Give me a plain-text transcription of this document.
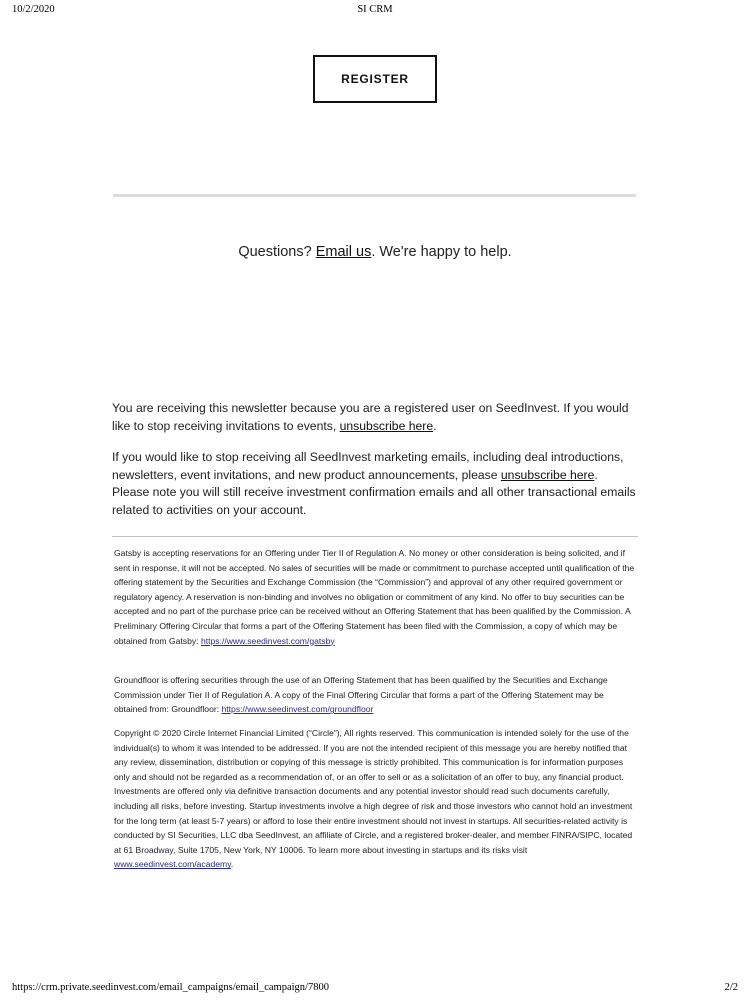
10/2/2020	SI CRM
REGISTER
Questions? Email us. We're happy to help.
You are receiving this newsletter because you are a registered user on SeedInvest. If you would like to stop receiving invitations to events, unsubscribe here.
If you would like to stop receiving all SeedInvest marketing emails, including deal introductions, newsletters, event invitations, and new product announcements, please unsubscribe here. Please note you will still receive investment confirmation emails and all other transactional emails related to activities on your account.
Gatsby is accepting reservations for an Offering under Tier II of Regulation A. No money or other consideration is being solicited, and if sent in response, it will not be accepted. No sales of securities will be made or commitment to purchase accepted until qualification of the offering statement by the Securities and Exchange Commission (the “Commission”) and approval of any other required government or regulatory agency. A reservation is non-binding and involves no obligation or commitment of any kind. No offer to buy securities can be accepted and no part of the purchase price can be received without an Offering Statement that has been qualified by the Commission. A Preliminary Offering Circular that forms a part of the Offering Statement has been filed with the Commission, a copy of which may be obtained from Gatsby: https://www.seedinvest.com/gatsby
Groundfloor is offering securities through the use of an Offering Statement that has been qualified by the Securities and Exchange Commission under Tier II of Regulation A. A copy of the Final Offering Circular that forms a part of the Offering Statement may be obtained from: Groundfloor: https://www.seedinvest.com/groundfloor
Copyright © 2020 Circle Internet Financial Limited (“Circle”), All rights reserved. This communication is intended solely for the use of the individual(s) to whom it was intended to be addressed. If you are not the intended recipient of this message you are hereby notified that any review, dissemination, distribution or copying of this message is strictly prohibited. This communication is for information purposes only and should not be regarded as a recommendation of, or an offer to sell or as a solicitation of an offer to buy, any financial product. Investments are offered only via definitive transaction documents and any potential investor should read such documents carefully, including all risks, before investing. Startup investments involve a high degree of risk and those investors who cannot hold an investment for the long term (at least 5-7 years) or afford to lose their entire investment should not invest in startups. All securities-related activity is conducted by SI Securities, LLC dba SeedInvest, an affiliate of Circle, and a registered broker-dealer, and member FINRA/SIPC, located at 61 Broadway, Suite 1705, New York, NY 10006. To learn more about investing in startups and its risks visit www.seedinvest.com/academy.
https://crm.private.seedinvest.com/email_campaigns/email_campaign/7800	2/2
